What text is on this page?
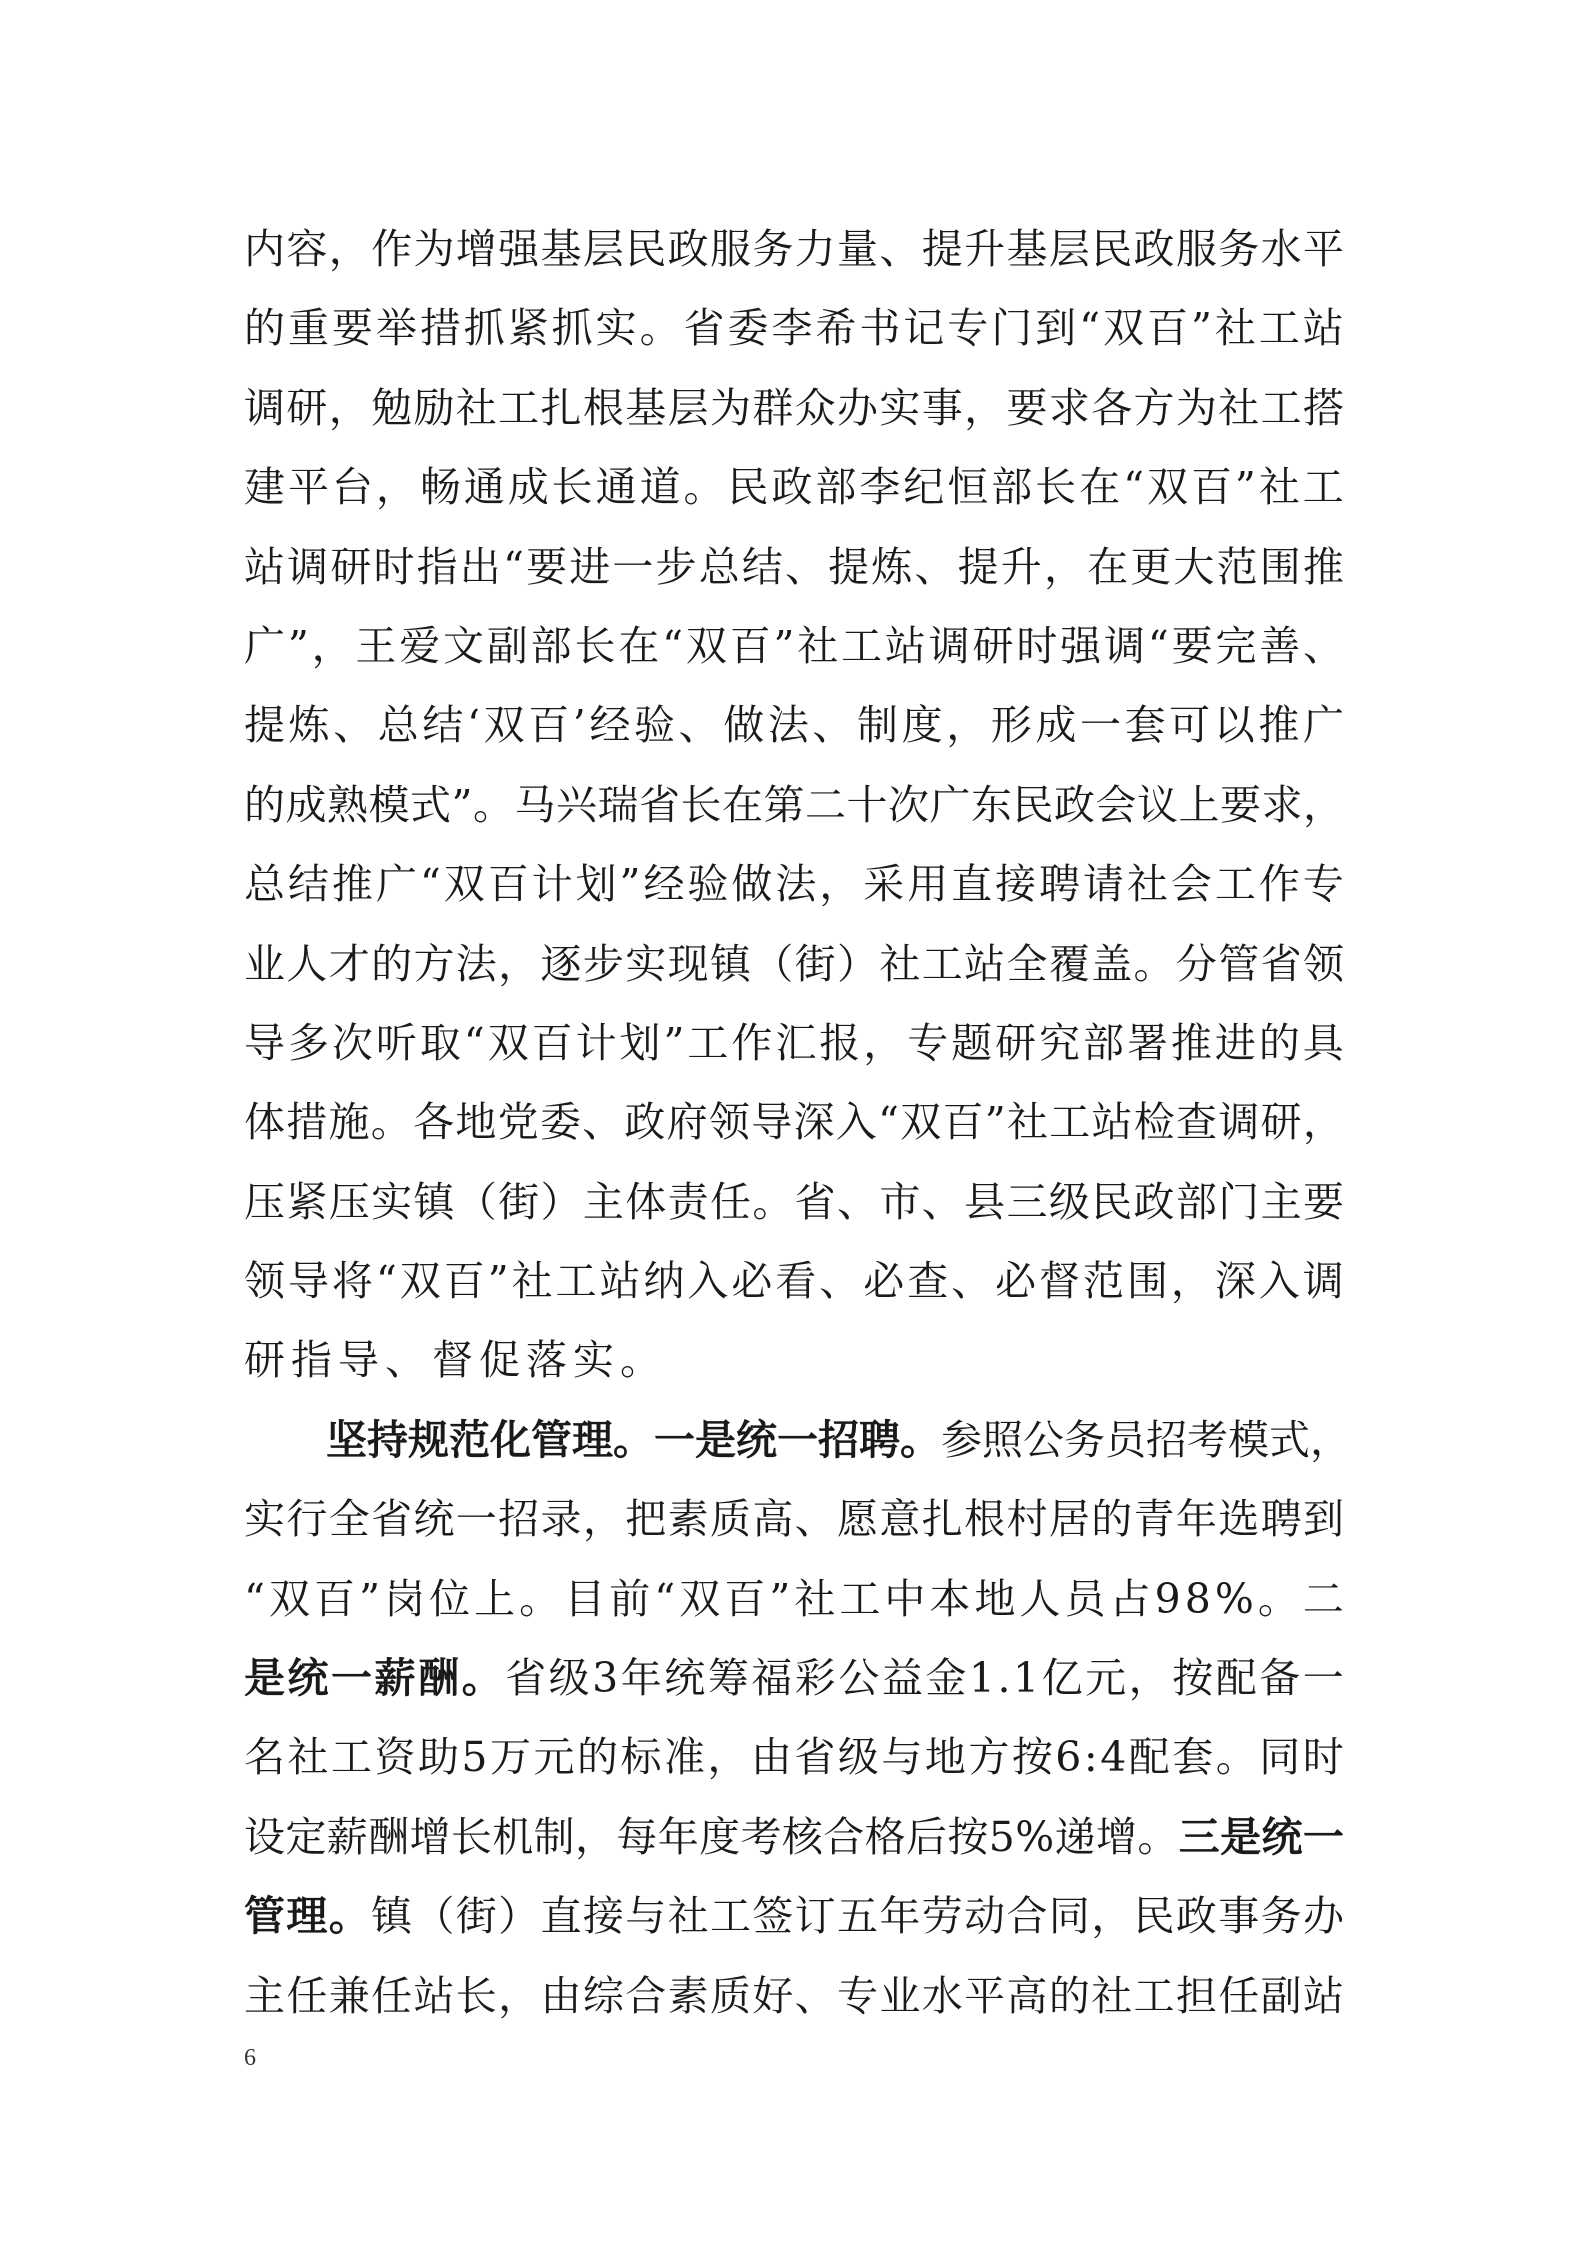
内 容 ， 作 为 增 强 基 层 民 政 服 务 力 量 、 提 升 基 层 民 政 服 务 水 平
的 重 要 举 措 抓 紧 抓 实 。 省 委 李 希 书 记 专 门 到 “ 双 百 ” 社 工 站
调 研 ， 勉 励 社 工 扎 根 基 层 为 群 众 办 实 事 ， 要 求 各 方 为 社 工 搭
建 平 台 ， 畅 通 成 长 通 道 。 民 政 部 李 纪 恒 部 长 在 “ 双 百 ” 社 工
站 调 研 时 指 出 “ 要 进 一 步 总 结 、 提 炼 、 提 升 ， 在 更 大 范 围 推
广 ” ， 王 爱 文 副 部 长 在 “ 双 百 ” 社 工 站 调 研 时 强 调 “ 要 完 善 、
提 炼 、 总 结 ‘ 双 百 ’ 经 验 、 做 法 、 制 度 ， 形 成 一 套 可 以 推 广
的 成 熟 模 式 ” 。 马 兴 瑞 省 长 在 第 二 十 次 广 东 民 政 会 议 上 要 求 ，
总 结 推 广 “ 双 百 计 划 ” 经 验 做 法 ， 采 用 直 接 聘 请 社 会 工 作 专
业 人 才 的 方 法 ， 逐 步 实 现 镇 （ 街 ） 社 工 站 全 覆 盖 。 分 管 省 领
导 多 次 听 取 “ 双 百 计 划 ” 工 作 汇 报 ， 专 题 研 究 部 署 推 进 的 具
体 措 施 。 各 地 党 委 、 政 府 领 导 深 入 “ 双 百 ” 社 工 站 检 查 调 研 ，
压 紧 压 实 镇 （ 街 ） 主 体 责 任 。 省 、 市 、 县 三 级 民 政 部 门 主 要
领 导 将 “ 双 百 ” 社 工 站 纳 入 必 看 、 必 查 、 必 督 范 围 ， 深 入 调
研 指 导 、 督 促 落 实 。
坚 持 规 范 化 管 理 。 一 是 统 一 招 聘 。 参 照 公 务 员 招 考 模 式 ，
实 行 全 省 统 一 招 录 ， 把 素 质 高 、 愿 意 扎 根 村 居 的 青 年 选 聘 到
“ 双 百 ” 岗 位 上 。 目 前 “ 双 百 ” 社 工 中 本 地 人 员 占 9 8 % 。 二
是 统 一 薪 酬 。 省 级 3 年 统 筹 福 彩 公 益 金 1 . 1 亿 元 ， 按 配 备 一
名 社 工 资 助 5 万 元 的 标 准 ， 由 省 级 与 地 方 按 6 : 4 配 套 。 同 时
设 定 薪 酬 增 长 机 制 ， 每 年 度 考 核 合 格 后 按 5 % 递 增 。 三 是 统 一
管 理 。 镇 （ 街 ） 直 接 与 社 工 签 订 五 年 劳 动 合 同 ， 民 政 事 务 办
主 任 兼 任 站 长 ， 由 综 合 素 质 好 、 专 业 水 平 高 的 社 工 担 任 副 站
6
